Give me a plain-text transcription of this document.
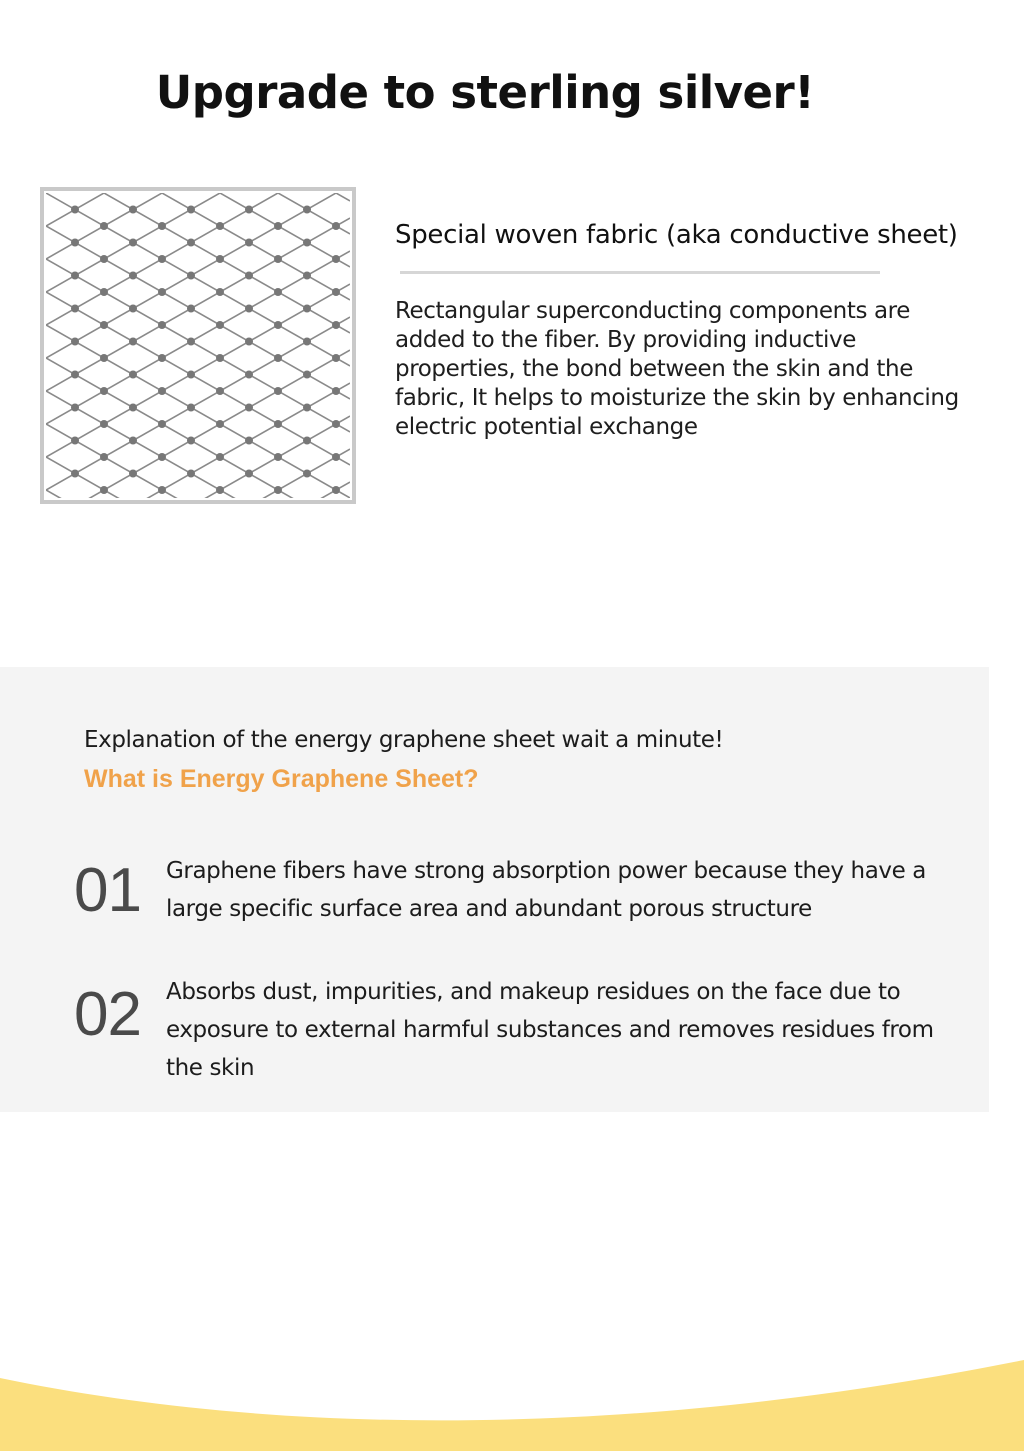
Upgrade to sterling silver!
Special woven fabric (aka conductive sheet)

Rectangular superconducting components are added to the fiber. By providing inductive properties, the bond between the skin and the fabric, It helps to moisturize the skin by enhancing electric potential exchange

Explanation of the energy graphene sheet wait a minute!

What is Energy Graphene Sheet?

01 Graphene fibers have strong absorption power because they have a large specific surface area and abundant porous structure

02 Absorbs dust, impurities, and makeup residues on the face due to exposure to external harmful substances and removes residues from the skin
